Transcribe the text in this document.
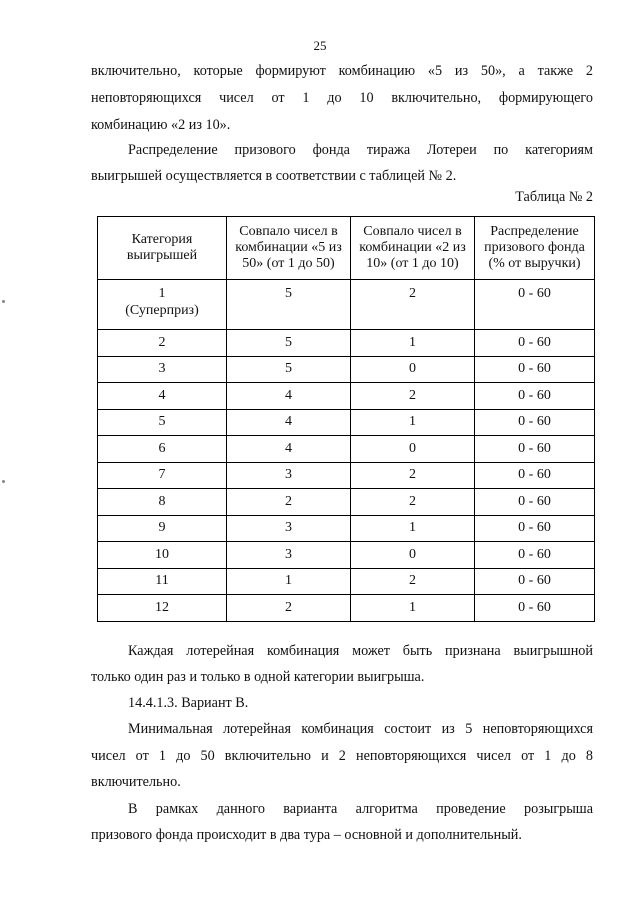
25

включительно, которые формируют комбинацию «5 из 50», а также 2

неповторяющихся чисел от 1 до 10 включительно, формирующего

комбинацию «2 из 10».

Распределение призового фонда тиража Лотереи по категориям

выигрышей осуществляется в соответствии с таблицей № 2.

Таблица № 2
Категория
выигрышей	Совпало чисел в
комбинации «5 из
50» (от 1 до 50)	Совпало чисел в
комбинации «2 из
10» (от 1 до 10)	Распределение
призового фонда
(% от выручки)
1
(Суперприз)	5	2	0 - 60
2	5	1	0 - 60
3	5	0	0 - 60
4	4	2	0 - 60
5	4	1	0 - 60
6	4	0	0 - 60
7	3	2	0 - 60
8	2	2	0 - 60
9	3	1	0 - 60
10	3	0	0 - 60
11	1	2	0 - 60
12	2	1	0 - 60

Каждая лотерейная комбинация может быть признана выигрышной

только один раз и только в одной категории выигрыша.

14.4.1.3. Вариант В.

Минимальная лотерейная комбинация состоит из 5 неповторяющихся

чисел от 1 до 50 включительно и 2 неповторяющихся чисел от 1 до 8

включительно.

В рамках данного варианта алгоритма проведение розыгрыша

призового фонда происходит в два тура – основной и дополнительный.
